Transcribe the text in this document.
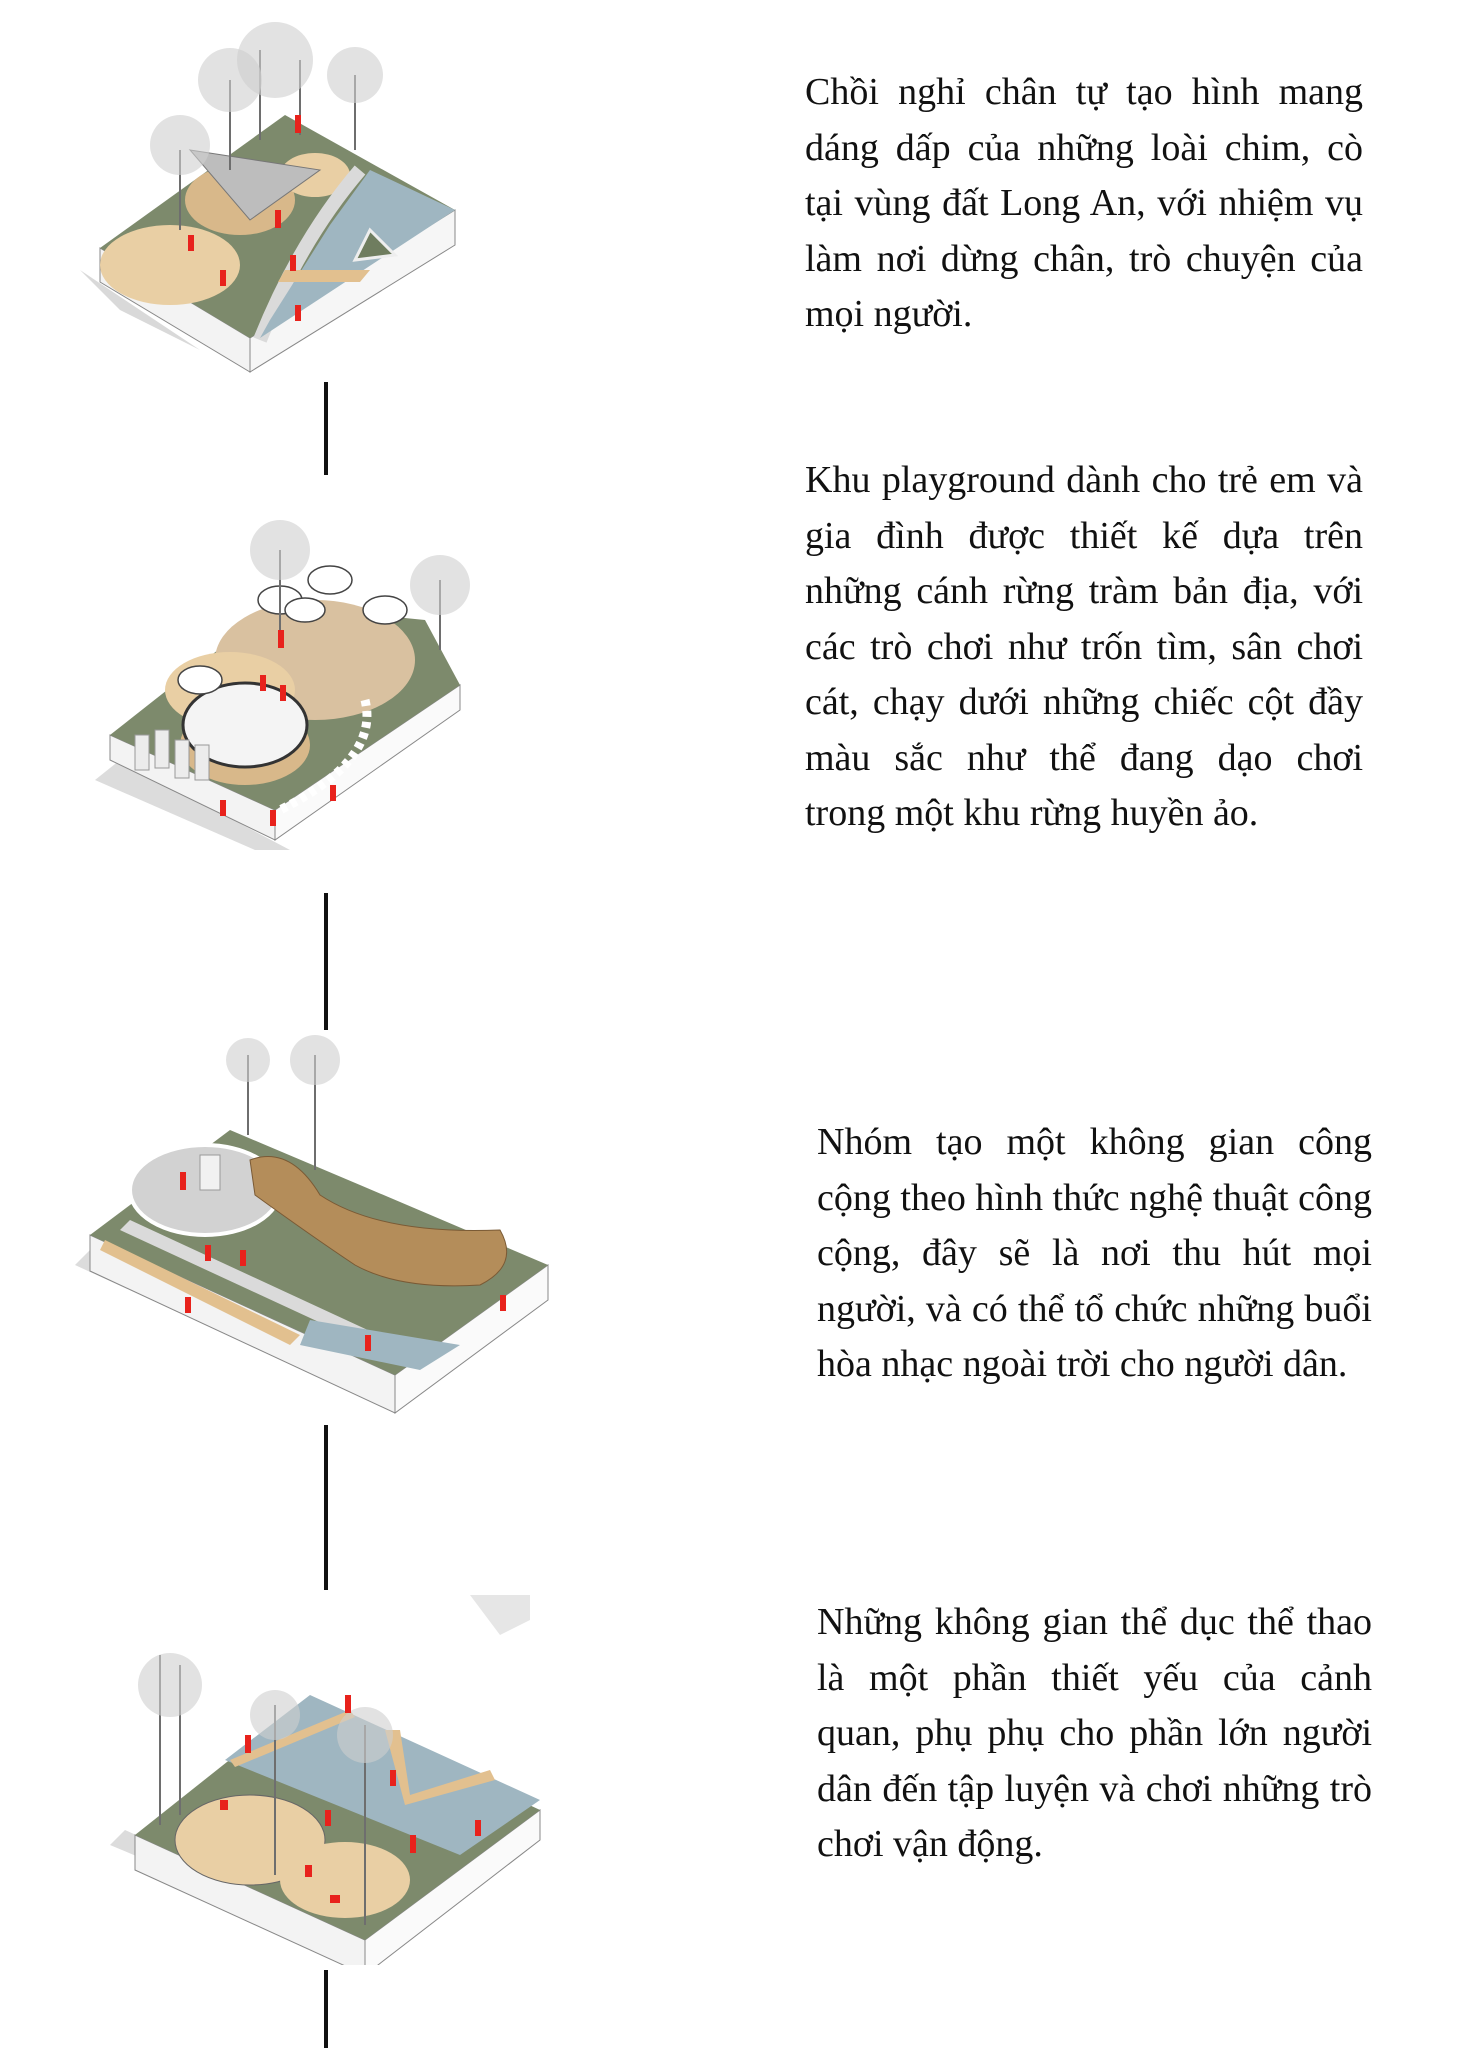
Chồi nghỉ chân tự tạo hình mang dáng dấp của những loài chim, cò tại vùng đất Long An, với nhiệm vụ làm nơi dừng chân, trò chuyện của mọi người.

Khu playground dành cho trẻ em và gia đình được thiết kế dựa trên những cánh rừng tràm bản địa, với các trò chơi như trốn tìm, sân chơi cát, chạy dưới những chiếc cột đầy màu sắc như thể đang dạo chơi trong một khu rừng huyền ảo.

Nhóm tạo một không gian công cộng theo hình thức nghệ thuật công cộng, đây sẽ là nơi thu hút mọi người, và có thể tổ chức những buổi hòa nhạc ngoài trời cho người dân.

Những không gian thể dục thể thao là một phần thiết yếu của cảnh quan, phụ phụ cho phần lớn người dân đến tập luyện và chơi những trò chơi vận động.
